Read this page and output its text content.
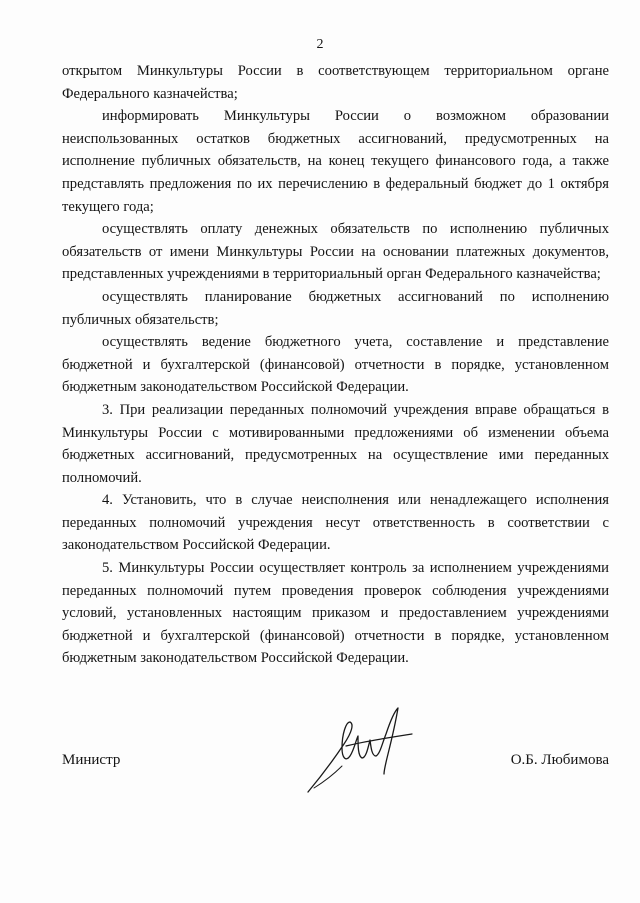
2

открытом Минкультуры России в соответствующем территориальном органе Федерального казначейства;

информировать Минкультуры России о возможном образовании неиспользованных остатков бюджетных ассигнований, предусмотренных на исполнение публичных обязательств, на конец текущего финансового года, а также представлять предложения по их перечислению в федеральный бюджет до 1 октября текущего года;

осуществлять оплату денежных обязательств по исполнению публичных обязательств от имени Минкультуры России на основании платежных документов, представленных учреждениями в территориальный орган Федерального казначейства;

осуществлять планирование бюджетных ассигнований по исполнению публичных обязательств;

осуществлять ведение бюджетного учета, составление и представление бюджетной и бухгалтерской (финансовой) отчетности в порядке, установленном бюджетным законодательством Российской Федерации.

3. При реализации переданных полномочий учреждения вправе обращаться в Минкультуры России с мотивированными предложениями об изменении объема бюджетных ассигнований, предусмотренных на осуществление ими переданных полномочий.

4. Установить, что в случае неисполнения или ненадлежащего исполнения переданных полномочий учреждения несут ответственность в соответствии с законодательством Российской Федерации.

5. Минкультуры России осуществляет контроль за исполнением учреждениями переданных полномочий путем проведения проверок соблюдения учреждениями условий, установленных настоящим приказом и предоставлением учреждениями бюджетной и бухгалтерской (финансовой) отчетности в порядке, установленном бюджетным законодательством Российской Федерации.

Министр	О.Б. Любимова
